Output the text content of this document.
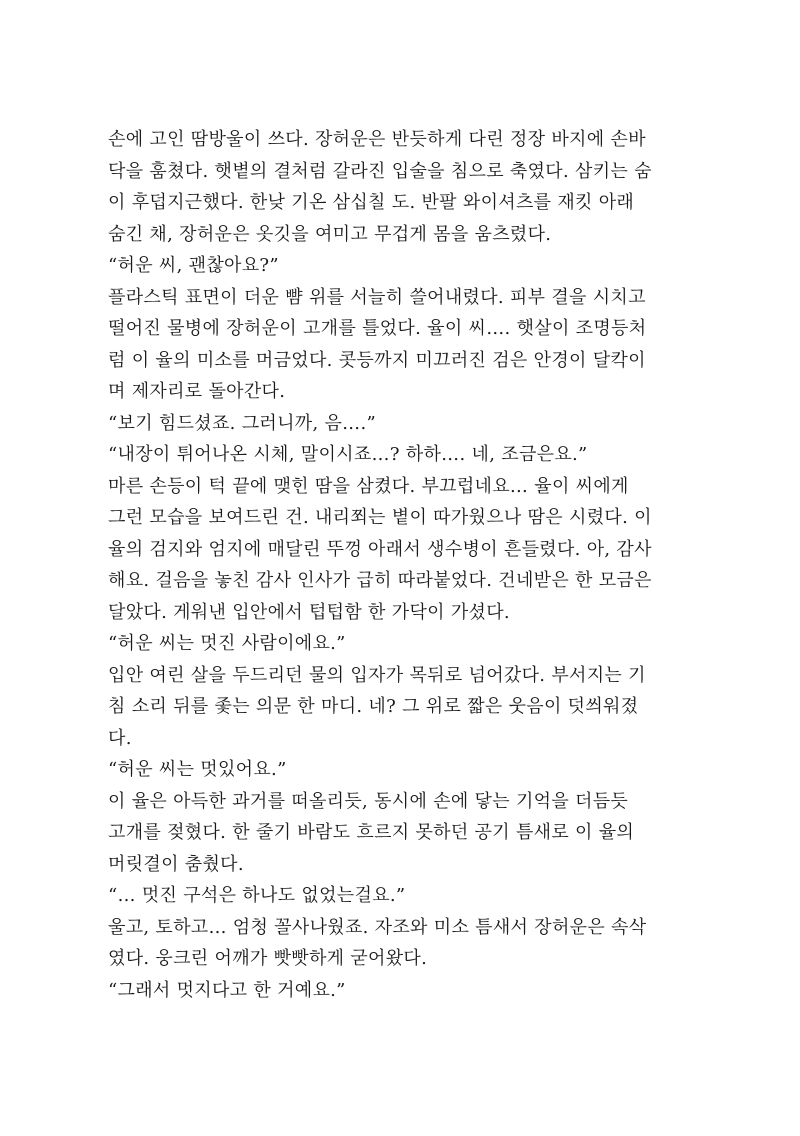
손에 고인 땀방울이 쓰다. 장허운은 반듯하게 다린 정장 바지에 손바
닥을 훔쳤다. 햇볕의 결처럼 갈라진 입술을 침으로 축였다. 삼키는 숨
이 후덥지근했다. 한낮 기온 삼십칠 도. 반팔 와이셔츠를 재킷 아래
숨긴 채, 장허운은 옷깃을 여미고 무겁게 몸을 움츠렸다.
“허운 씨, 괜찮아요?”
플라스틱 표면이 더운 뺨 위를 서늘히 쓸어내렸다. 피부 결을 시치고
떨어진 물병에 장허운이 고개를 틀었다. 율이 씨…. 햇살이 조명등처
럼 이 율의 미소를 머금었다. 콧등까지 미끄러진 검은 안경이 달칵이
며 제자리로 돌아간다.
“보기 힘드셨죠. 그러니까, 음….”
“내장이 튀어나온 시체, 말이시죠…? 하하…. 네, 조금은요.”
마른 손등이 턱 끝에 맺힌 땀을 삼켰다. 부끄럽네요… 율이 씨에게
그런 모습을 보여드린 건. 내리쬐는 볕이 따가웠으나 땀은 시렸다. 이
율의 검지와 엄지에 매달린 뚜껑 아래서 생수병이 흔들렸다. 아, 감사
해요. 걸음을 놓친 감사 인사가 급히 따라붙었다. 건네받은 한 모금은
달았다. 게워낸 입안에서 텁텁함 한 가닥이 가셨다.
“허운 씨는 멋진 사람이에요.”
입안 여린 살을 두드리던 물의 입자가 목뒤로 넘어갔다. 부서지는 기
침 소리 뒤를 좇는 의문 한 마디. 네? 그 위로 짧은 웃음이 덧씌워졌
다.
“허운 씨는 멋있어요.”
이 율은 아득한 과거를 떠올리듯, 동시에 손에 닿는 기억을 더듬듯
고개를 젖혔다. 한 줄기 바람도 흐르지 못하던 공기 틈새로 이 율의
머릿결이 춤췄다.
“… 멋진 구석은 하나도 없었는걸요.”
울고, 토하고… 엄청 꼴사나웠죠. 자조와 미소 틈새서 장허운은 속삭
였다. 웅크린 어깨가 빳빳하게 굳어왔다.
“그래서 멋지다고 한 거예요.”
